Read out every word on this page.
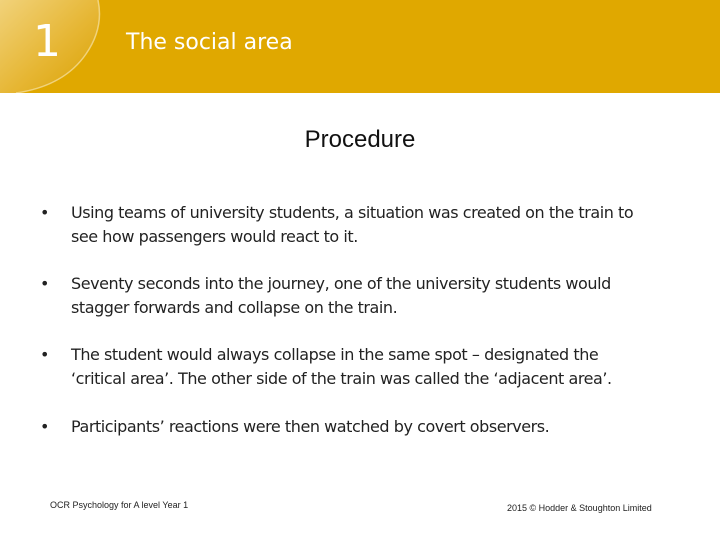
1	The social area
Procedure
• Using teams of university students, a situation was created on the train to
see how passengers would react to it.
• Seventy seconds into the journey, one of the university students would
stagger forwards and collapse on the train.
• The student would always collapse in the same spot – designated the
‘critical area’. The other side of the train was called the ‘adjacent area’.
• Participants’ reactions were then watched by covert observers.
OCR Psychology for A level Year 1	2015 © Hodder & Stoughton Limited
